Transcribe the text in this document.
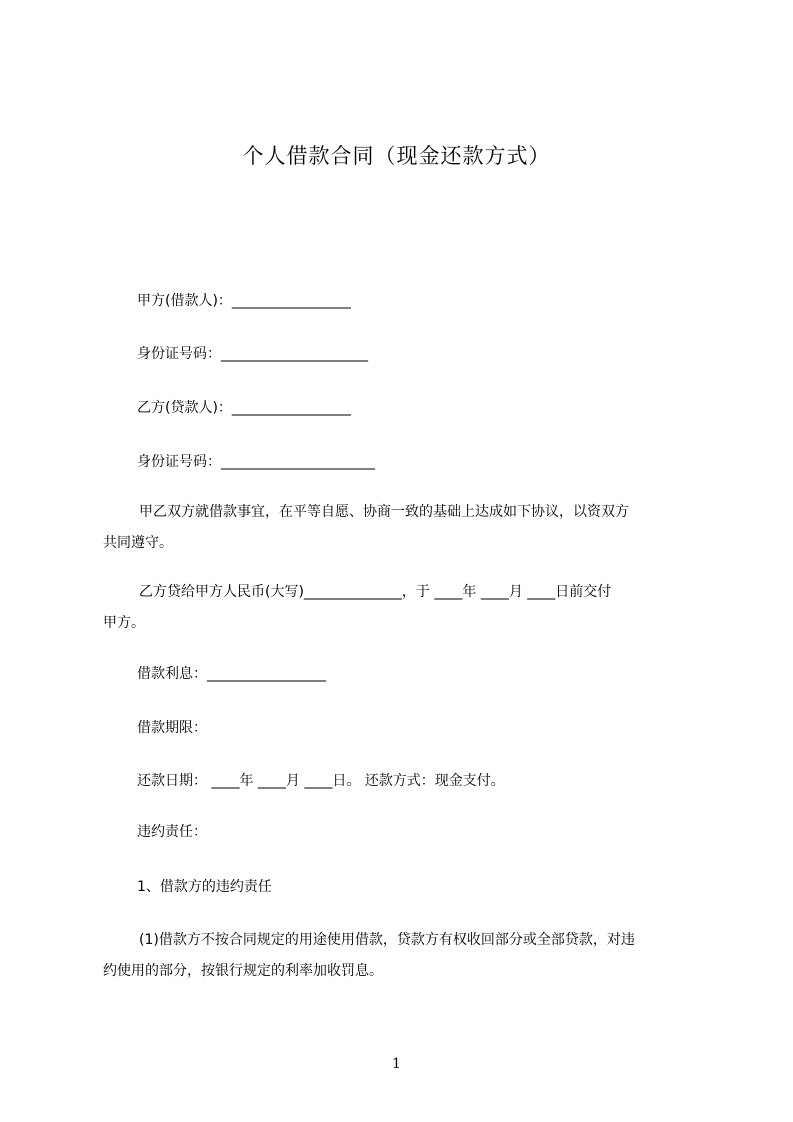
个人借款合同（现金还款方式）
甲方(借款人)：_________________
身份证号码：_____________________
乙方(贷款人)：_________________
身份证号码：______________________
甲乙双方就借款事宜，在平等自愿、协商一致的基础上达成如下协议，以资双方
共同遵守。
乙方贷给甲方人民币(大写)______________，于 ____年 ____月 ____日前交付
甲方。
借款利息：_________________
借款期限：
还款日期： ____年 ____月 ____日。 还款方式：现金支付。
违约责任：
1、借款方的违约责任
(1)借款方不按合同规定的用途使用借款，贷款方有权收回部分或全部贷款，对违
约使用的部分，按银行规定的利率加收罚息。
1
